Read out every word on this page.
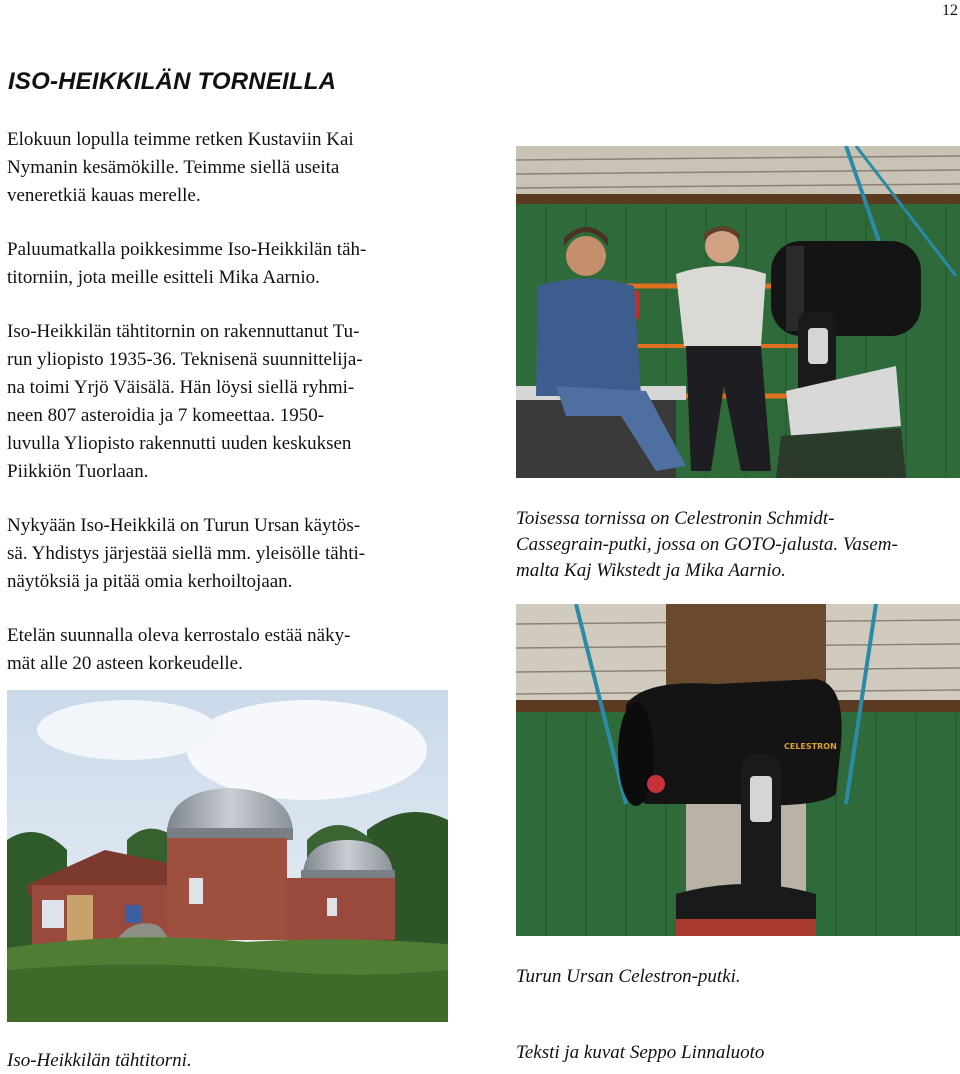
12
ISO-HEIKKILÄN TORNEILLA

Elokuun lopulla teimme retken Kustaviin Kai
Nymanin kesämökille. Teimme siellä useita
veneretkiä kauas merelle.

Paluumatkalla poikkesimme Iso-Heikkilän täh-
titorniin, jota meille esitteli Mika Aarnio.

Iso-Heikkilän tähtitornin on rakennuttanut Tu-
run yliopisto 1935-36. Teknisenä suunnittelija-
na toimi Yrjö Väisälä. Hän löysi siellä ryhmi-
neen 807 asteroidia ja 7 komeettaa. 1950-
luvulla Yliopisto rakennutti uuden keskuksen
Piikkiön Tuorlaan.

Nykyään Iso-Heikkilä on Turun Ursan käytös-
sä. Yhdistys järjestää siellä mm. yleisölle tähti-
näytöksiä ja pitää omia kerhoiltojaan.

Etelän suunnalla oleva kerrostalo estää näky-
mät alle 20 asteen korkeudelle.

Toisessa tornissa on Celestronin Schmidt-
Cassegrain-putki, jossa on GOTO-jalusta. Vasem-
malta Kaj Wikstedt ja Mika Aarnio.

CELESTRON

Turun Ursan Celestron-putki.

Iso-Heikkilän tähtitorni.	Teksti ja kuvat Seppo Linnaluoto
